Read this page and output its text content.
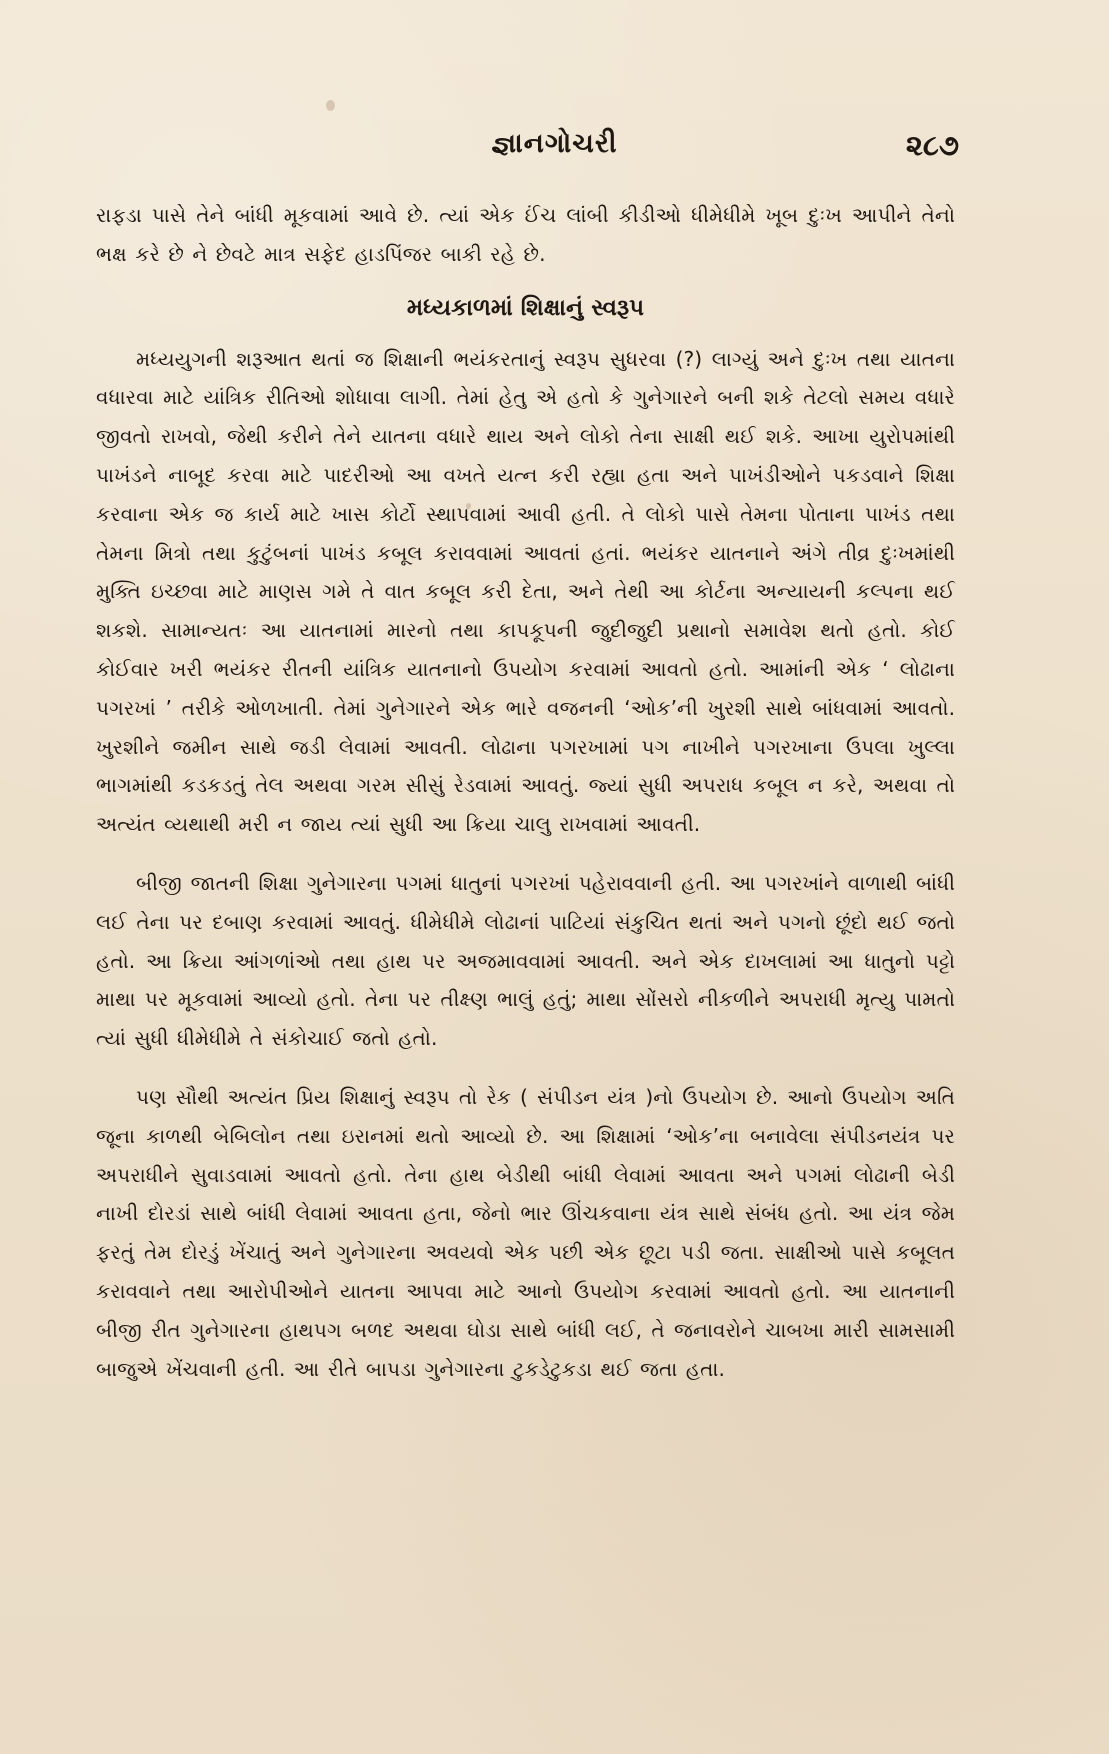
જ્ઞાનગોચરી	૨૮૭

રાફડા પાસે તેને બાંધી મૂકવામાં આવે છે. ત્યાં એક ઈંચ લાંબી કીડીઓ ધીમેધીમે ખૂબ દુઃખ આપીને તેનો ભક્ષ કરે છે ને છેવટે માત્ર સફેદ હાડપિંજર બાકી રહે છે.

મધ્યકાળમાં શિક્ષાનું સ્વરૂપ

મધ્યયુગની શરૂઆત થતાં જ શિક્ષાની ભયંકરતાનું સ્વરૂપ સુધરવા (?) લાગ્યું અને દુઃખ તથા યાતના વધારવા માટે યાંત્રિક રીતિઓ શોધાવા લાગી. તેમાં હેતુ એ હતો કે ગુનેગારને બની શકે તેટલો સમય વધારે જીવતો રાખવો, જેથી કરીને તેને યાતના વધારે થાય અને લોકો તેના સાક્ષી થઈ શકે. આખા યુરોપમાંથી પાખંડને નાબૂદ કરવા માટે પાદરીઓ આ વખતે યત્ન કરી રહ્યા હતા અને પાખંડીઓને પકડવાને શિક્ષા કરવાના એક જ કાર્ય માટે ખાસ કોર્ટો સ્થાપવામાં આવી હતી. તે લોકો પાસે તેમના પોતાના પાખંડ તથા તેમના મિત્રો તથા કુટુંબનાં પાખંડ કબૂલ કરાવવામાં આવતાં હતાં. ભયંકર યાતનાને અંગે તીવ્ર દુઃખમાંથી મુક્તિ ઇચ્છવા માટે માણસ ગમે તે વાત કબૂલ કરી દેતા, અને તેથી આ કોર્ટના અન્યાયની કલ્પના થઈ શકશે. સામાન્યતઃ આ યાતનામાં મારનો તથા કાપકૂપની જુદીજુદી પ્રથાનો સમાવેશ થતો હતો. કોઈ કોઈવાર ખરી ભયંકર રીતની યાંત્રિક યાતનાનો ઉપયોગ કરવામાં આવતો હતો. આમાંની એક ‘ લોઢાના પગરખાં ’ તરીકે ઓળખાતી. તેમાં ગુનેગારને એક ભારે વજનની ‘ઓક’ની ખુરશી સાથે બાંધવામાં આવતો. ખુરશીને જમીન સાથે જડી લેવામાં આવતી. લોઢાના પગરખામાં પગ નાખીને પગરખાના ઉપલા ખુલ્લા ભાગમાંથી કડકડતું તેલ અથવા ગરમ સીસું રેડવામાં આવતું. જ્યાં સુધી અપરાધ કબૂલ ન કરે, અથવા તો અત્યંત વ્યથાથી મરી ન જાય ત્યાં સુધી આ ક્રિયા ચાલુ રાખવામાં આવતી.

બીજી જાતની શિક્ષા ગુનેગારના પગમાં ધાતુનાં પગરખાં પહેરાવવાની હતી. આ પગરખાંને વાળાથી બાંધી લઈ તેના પર દબાણ કરવામાં આવતું. ધીમેધીમે લોઢાનાં પાટિયાં સંકુચિત થતાં અને પગનો છૂંદો થઈ જતો હતો. આ ક્રિયા આંગળાંઓ તથા હાથ પર અજમાવવામાં આવતી. અને એક દાખલામાં આ ધાતુનો પટ્ટો માથા પર મૂકવામાં આવ્યો હતો. તેના પર તીક્ષ્ણ ભાલું હતું; માથા સોંસરો નીકળીને અપરાધી મૃત્યુ પામતો ત્યાં સુધી ધીમેધીમે તે સંકોચાઈ જતો હતો.

પણ સૌથી અત્યંત પ્રિય શિક્ષાનું સ્વરૂપ તો રેક ( સંપીડન યંત્ર )નો ઉપયોગ છે. આનો ઉપયોગ અતિ જૂના કાળથી બેબિલોન તથા ઇરાનમાં થતો આવ્યો છે. આ શિક્ષામાં ‘ઓક’ના બનાવેલા સંપીડનયંત્ર પર અપરાધીને સુવાડવામાં આવતો હતો. તેના હાથ બેડીથી બાંધી લેવામાં આવતા અને પગમાં લોઢાની બેડી નાખી દોરડાં સાથે બાંધી લેવામાં આવતા હતા, જેનો ભાર ઊંચકવાના યંત્ર સાથે સંબંધ હતો. આ યંત્ર જેમ ફરતું તેમ દોરડું ખેંચાતું અને ગુનેગારના અવયવો એક પછી એક છૂટા પડી જતા. સાક્ષીઓ પાસે કબૂલત કરાવવાને તથા આરોપીઓને યાતના આપવા માટે આનો ઉપયોગ કરવામાં આવતો હતો. આ યાતનાની બીજી રીત ગુનેગારના હાથપગ બળદ અથવા ઘોડા સાથે બાંધી લઈ, તે જનાવરોને ચાબખા મારી સામસામી બાજુએ ખેંચવાની હતી. આ રીતે બાપડા ગુનેગારના ટુકડેટુકડા થઈ જતા હતા.
